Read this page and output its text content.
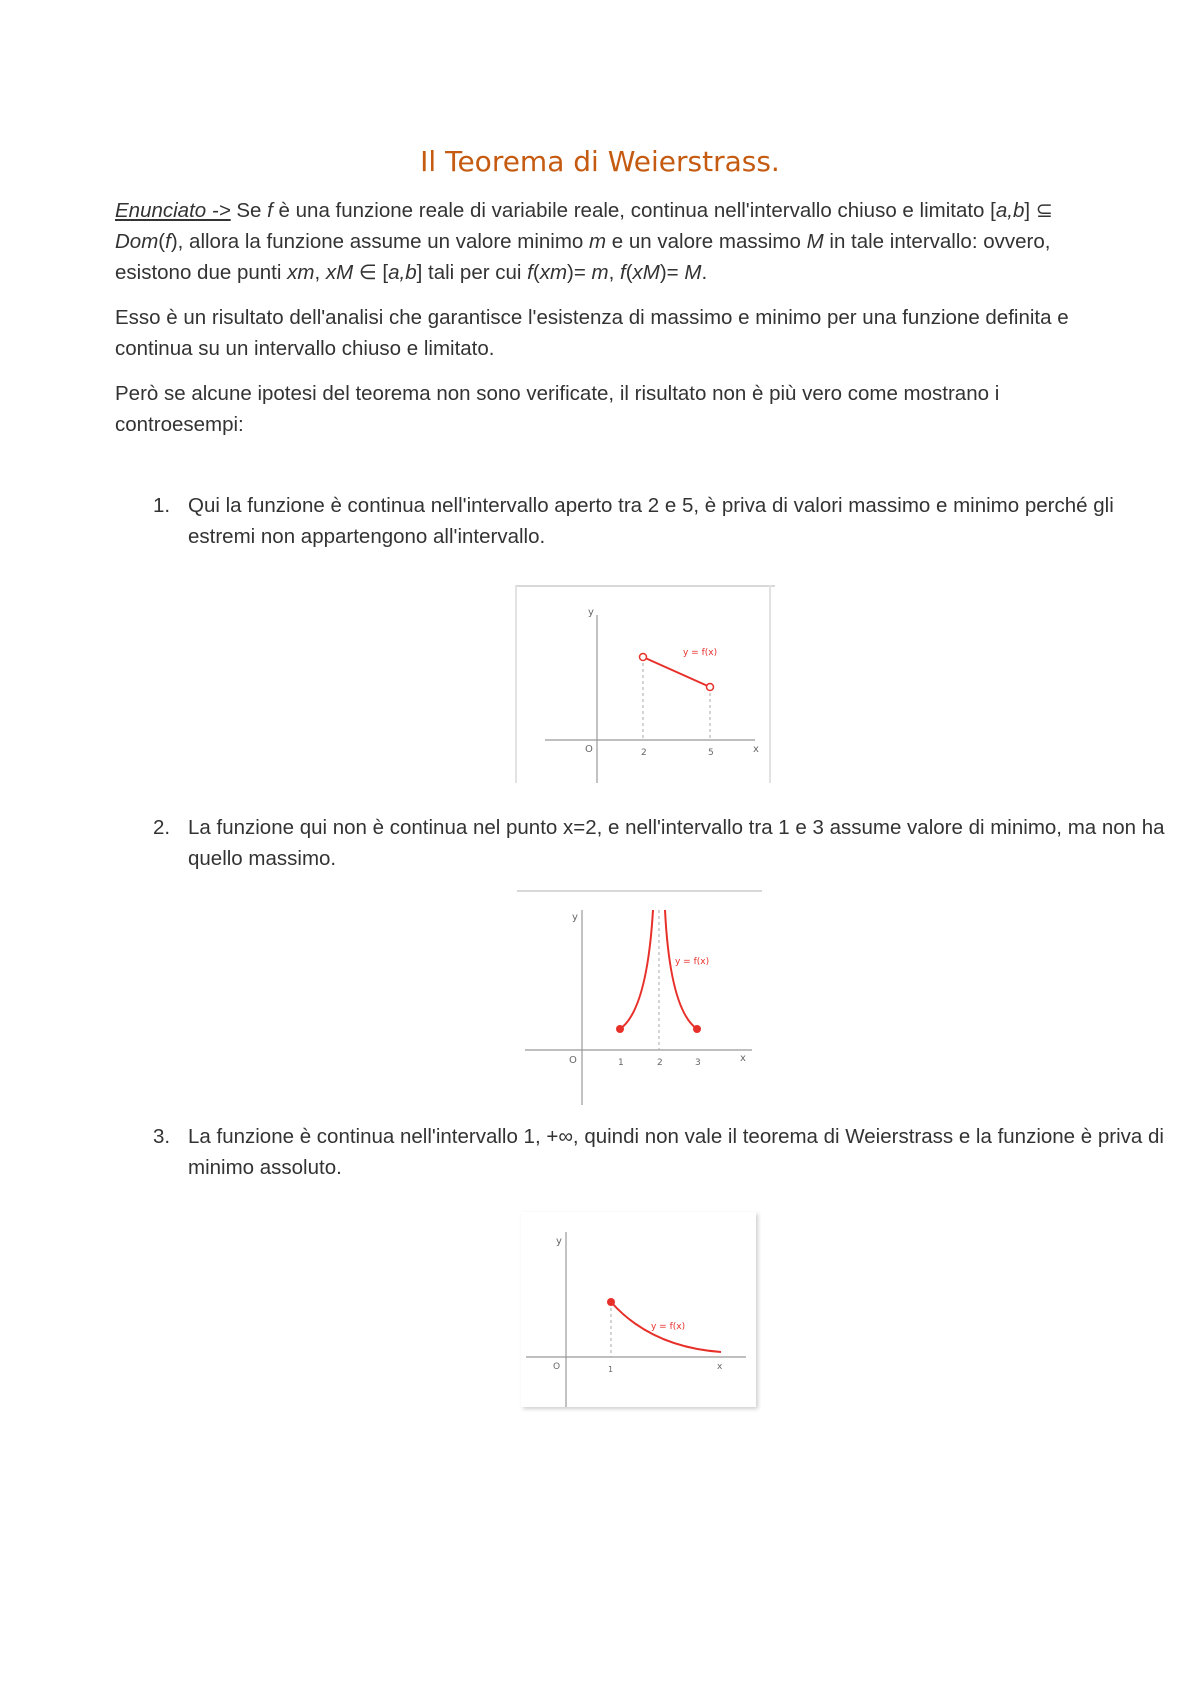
Il Teorema di Weierstrass.

Enunciato -> Se f è una funzione reale di variabile reale, continua nell'intervallo chiuso e limitato [a,b] ⊆ Dom(f), allora la funzione assume un valore minimo m e un valore massimo M in tale intervallo: ovvero, esistono due punti xm, xM ∈ [a,b] tali per cui f(xm)= m, f(xM)= M.

Esso è un risultato dell'analisi che garantisce l'esistenza di massimo e minimo per una funzione definita e continua su un intervallo chiuso e limitato.

Però se alcune ipotesi del teorema non sono verificate, il risultato non è più vero come mostrano i controesempi:

1. Qui la funzione è continua nell'intervallo aperto tra 2 e 5, è priva di valori massimo e minimo perché gli estremi non appartengono all'intervallo.
y
x
O	2	5
y = f(x)
2. La funzione qui non è continua nel punto x=2, e nell'intervallo tra 1 e 3 assume valore di minimo, ma non ha quello massimo.
y
x
O	1	2	3
y = f(x)
3. La funzione è continua nell'intervallo 1, +∞, quindi non vale il teorema di Weierstrass e la funzione è priva di minimo assoluto.
y
x
O	1
y = f(x)
